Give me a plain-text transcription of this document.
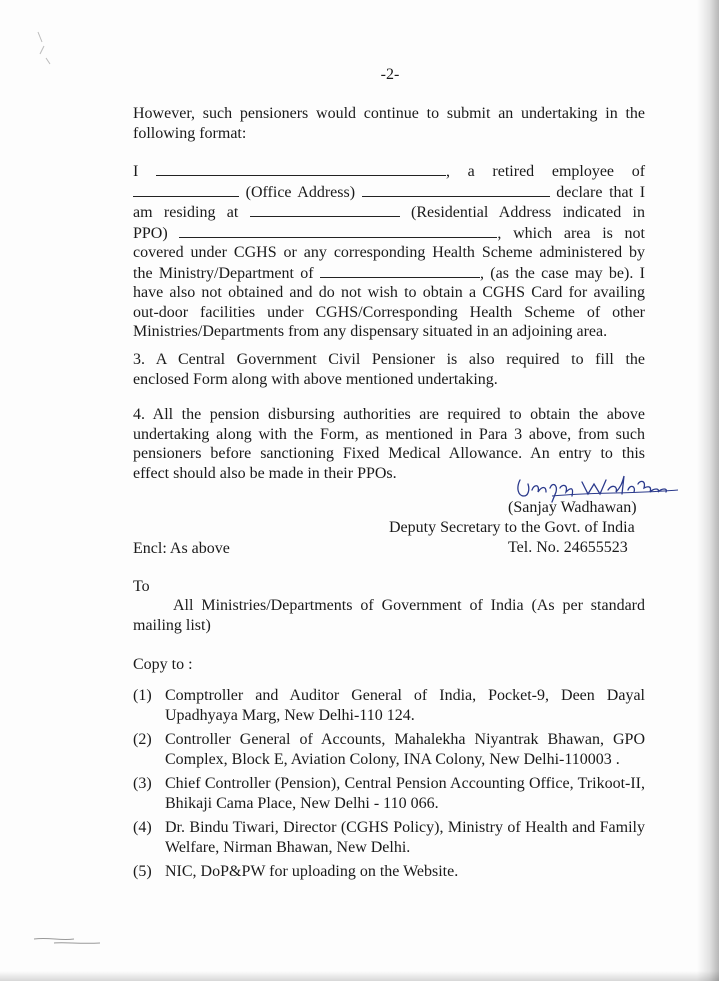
-2-
However, such pensioners would continue to submit an undertaking in the
following format:
I	, a retired employee of
(Office Address)	declare that I
am residing at	(Residential Address indicated in
PPO)	, which area is not
covered under CGHS or any corresponding Health Scheme administered by
the Ministry/Department of	, (as the case may be). I
have also not obtained and do not wish to obtain a CGHS Card for availing
out-door facilities under CGHS/Corresponding Health Scheme of other
Ministries/Departments from any dispensary situated in an adjoining area.
3. A Central Government Civil Pensioner is also required to fill the
enclosed Form along with above mentioned undertaking.
4. All the pension disbursing authorities are required to obtain the above
undertaking along with the Form, as mentioned in Para 3 above, from such
pensioners before sanctioning Fixed Medical Allowance. An entry to this
effect should also be made in their PPOs.
(Sanjay Wadhawan)
Deputy Secretary to the Govt. of India
Tel. No. 24655523
Encl: As above
To
All Ministries/Departments of Government of India (As per standard
mailing list)
Copy to :
(1) Comptroller and Auditor General of India, Pocket-9, Deen Dayal Upadhyaya Marg, New Delhi-110 124.
(2) Controller General of Accounts, Mahalekha Niyantrak Bhawan, GPO Complex, Block E, Aviation Colony, INA Colony, New Delhi-110003 .
(3) Chief Controller (Pension), Central Pension Accounting Office, Trikoot-II, Bhikaji Cama Place, New Delhi - 110 066.
(4) Dr. Bindu Tiwari, Director (CGHS Policy), Ministry of Health and Family Welfare, Nirman Bhawan, New Delhi.
(5) NIC, DoP&PW for uploading on the Website.
